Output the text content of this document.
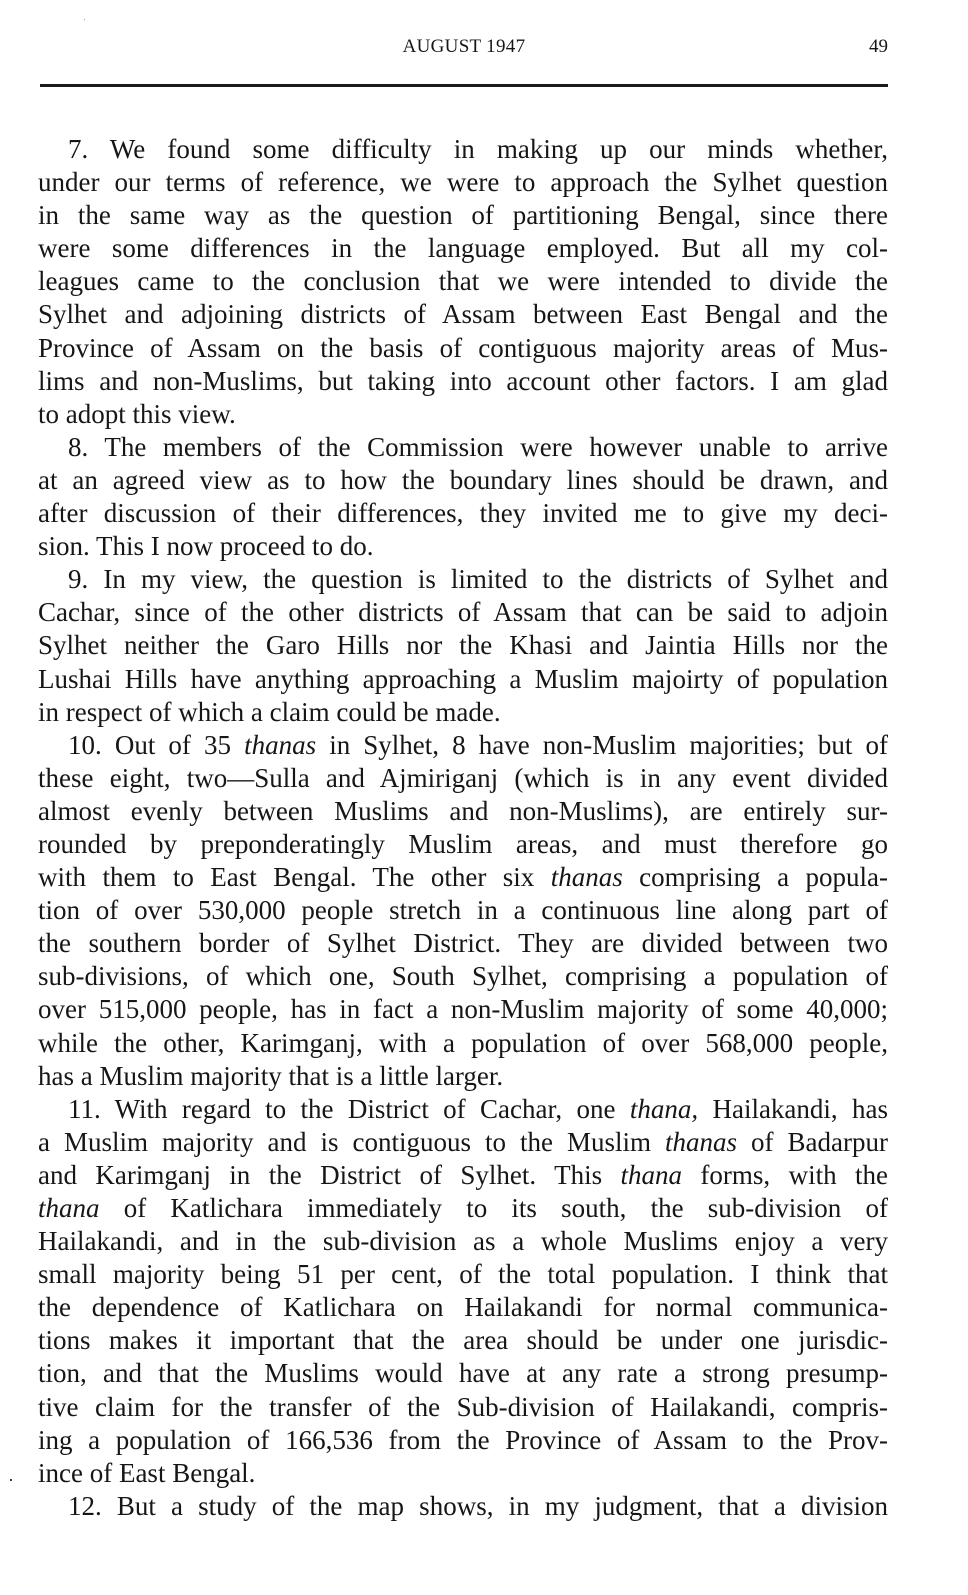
AUGUST 1947	49
7. We found some difficulty in making up our minds whether,
under our terms of reference, we were to approach the Sylhet question
in the same way as the question of partitioning Bengal, since there
were some differences in the language employed. But all my col-
leagues came to the conclusion that we were intended to divide the
Sylhet and adjoining districts of Assam between East Bengal and the
Province of Assam on the basis of contiguous majority areas of Mus-
lims and non-Muslims, but taking into account other factors. I am glad
to adopt this view.
8. The members of the Commission were however unable to arrive
at an agreed view as to how the boundary lines should be drawn, and
after discussion of their differences, they invited me to give my deci-
sion. This I now proceed to do.
9. In my view, the question is limited to the districts of Sylhet and
Cachar, since of the other districts of Assam that can be said to adjoin
Sylhet neither the Garo Hills nor the Khasi and Jaintia Hills nor the
Lushai Hills have anything approaching a Muslim majoirty of population
in respect of which a claim could be made.
10. Out of 35 thanas in Sylhet, 8 have non-Muslim majorities; but of
these eight, two—Sulla and Ajmiriganj (which is in any event divided
almost evenly between Muslims and non-Muslims), are entirely sur-
rounded by preponderatingly Muslim areas, and must therefore go
with them to East Bengal. The other six thanas comprising a popula-
tion of over 530,000 people stretch in a continuous line along part of
the southern border of Sylhet District. They are divided between two
sub-divisions, of which one, South Sylhet, comprising a population of
over 515,000 people, has in fact a non-Muslim majority of some 40,000;
while the other, Karimganj, with a population of over 568,000 people,
has a Muslim majority that is a little larger.
11. With regard to the District of Cachar, one thana, Hailakandi, has
a Muslim majority and is contiguous to the Muslim thanas of Badarpur
and Karimganj in the District of Sylhet. This thana forms, with the
thana of Katlichara immediately to its south, the sub-division of
Hailakandi, and in the sub-division as a whole Muslims enjoy a very
small majority being 51 per cent, of the total population. I think that
the dependence of Katlichara on Hailakandi for normal communica-
tions makes it important that the area should be under one jurisdic-
tion, and that the Muslims would have at any rate a strong presump-
tive claim for the transfer of the Sub-division of Hailakandi, compris-
ing a population of 166,536 from the Province of Assam to the Prov-
ince of East Bengal.
12. But a study of the map shows, in my judgment, that a division
